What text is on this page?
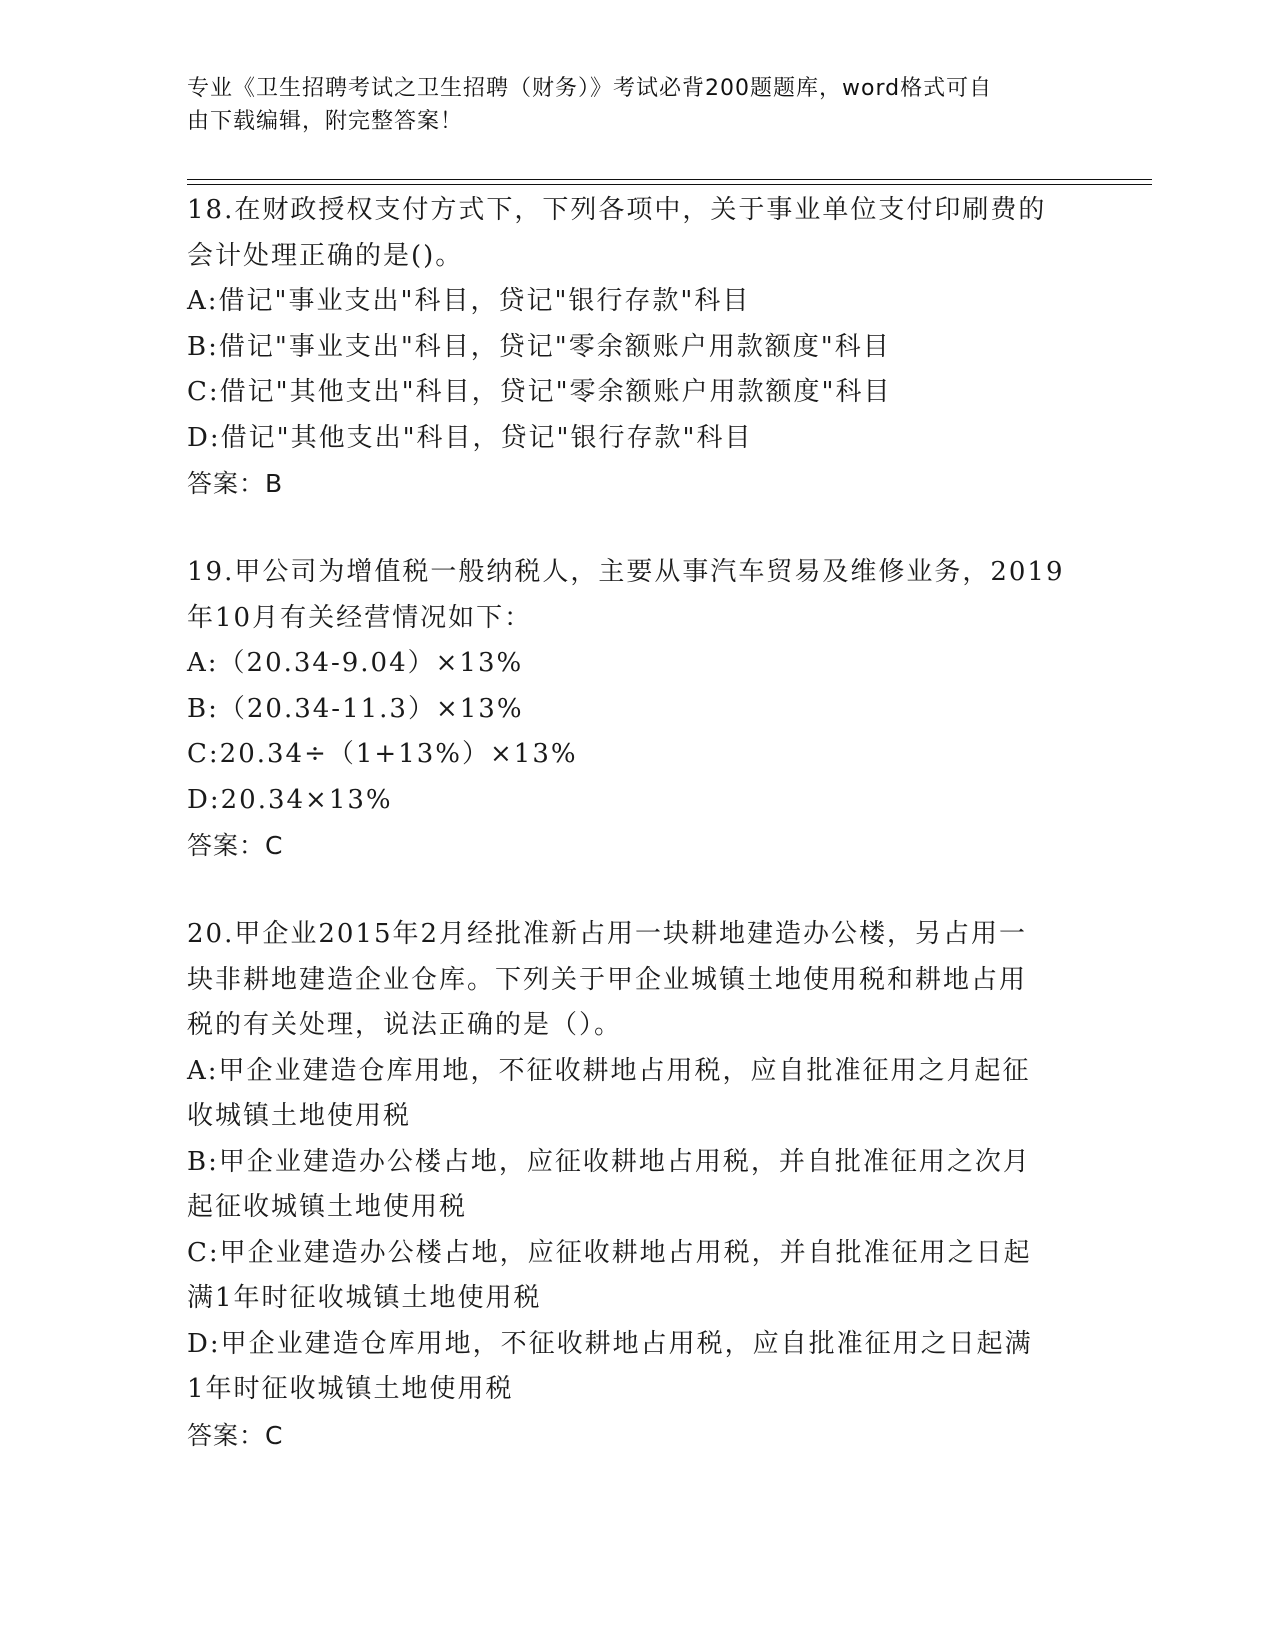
专业《卫生招聘考试之卫生招聘（财务）》考试必背200题题库，word格式可自
由下载编辑，附完整答案！
18.在财政授权支付方式下，下列各项中，关于事业单位支付印刷费的
会计处理正确的是()。
A:借记"事业支出"科目，贷记"银行存款"科目
B:借记"事业支出"科目，贷记"零余额账户用款额度"科目
C:借记"其他支出"科目，贷记"零余额账户用款额度"科目
D:借记"其他支出"科目，贷记"银行存款"科目
答案：B
19.甲公司为增值税一般纳税人，主要从事汽车贸易及维修业务，2019
年10月有关经营情况如下：
A:（20.34-9.04）×13%
B:（20.34-11.3）×13%
C:20.34÷（1+13%）×13%
D:20.34×13%
答案：C
20.甲企业2015年2月经批准新占用一块耕地建造办公楼，另占用一
块非耕地建造企业仓库。下列关于甲企业城镇土地使用税和耕地占用
税的有关处理，说法正确的是（）。
A:甲企业建造仓库用地，不征收耕地占用税，应自批准征用之月起征
收城镇土地使用税
B:甲企业建造办公楼占地，应征收耕地占用税，并自批准征用之次月
起征收城镇土地使用税
C:甲企业建造办公楼占地，应征收耕地占用税，并自批准征用之日起
满1年时征收城镇土地使用税
D:甲企业建造仓库用地，不征收耕地占用税，应自批准征用之日起满
1年时征收城镇土地使用税
答案：C
